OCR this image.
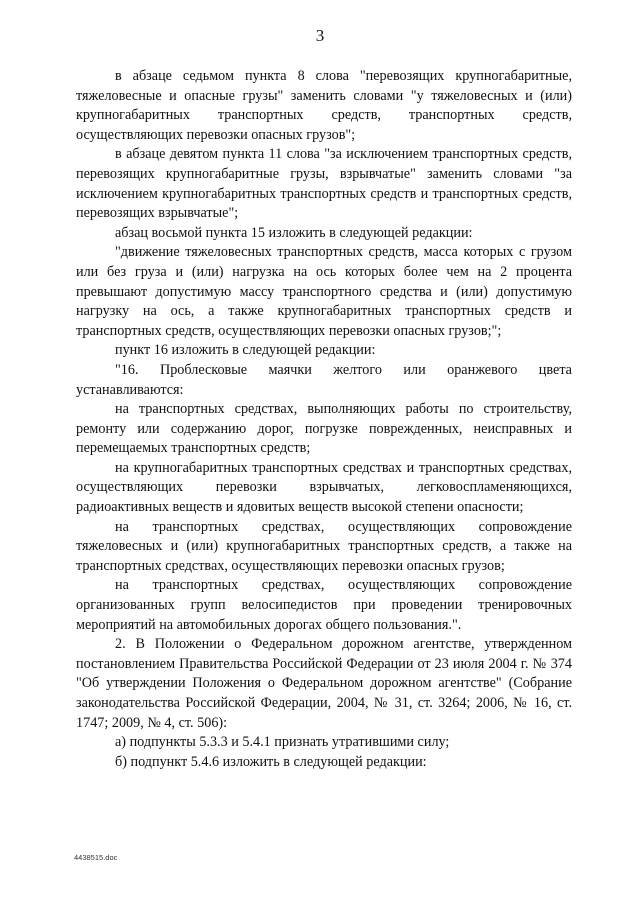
3

в абзаце седьмом пункта 8 слова "перевозящих крупногабаритные, тяжеловесные и опасные грузы" заменить словами "у тяжеловесных и (или) крупногабаритных транспортных средств, транспортных средств, осуществляющих перевозки опасных грузов";

в абзаце девятом пункта 11 слова "за исключением транспортных средств, перевозящих крупногабаритные грузы, взрывчатые" заменить словами "за исключением крупногабаритных транспортных средств и транспортных средств, перевозящих взрывчатые";

абзац восьмой пункта 15 изложить в следующей редакции:

"движение тяжеловесных транспортных средств, масса которых с грузом или без груза и (или) нагрузка на ось которых более чем на 2 процента превышают допустимую массу транспортного средства и (или) допустимую нагрузку на ось, а также крупногабаритных транспортных средств и транспортных средств, осуществляющих перевозки опасных грузов;";

пункт 16 изложить в следующей редакции:

"16. Проблесковые маячки желтого или оранжевого цвета устанавливаются:

на транспортных средствах, выполняющих работы по строительству, ремонту или содержанию дорог, погрузке поврежденных, неисправных и перемещаемых транспортных средств;

на крупногабаритных транспортных средствах и транспортных средствах, осуществляющих перевозки взрывчатых, легковоспламеняющихся, радиоактивных веществ и ядовитых веществ высокой степени опасности;

на транспортных средствах, осуществляющих сопровождение тяжеловесных и (или) крупногабаритных транспортных средств, а также на транспортных средствах, осуществляющих перевозки опасных грузов;

на транспортных средствах, осуществляющих сопровождение организованных групп велосипедистов при проведении тренировочных мероприятий на автомобильных дорогах общего пользования.".

2. В Положении о Федеральном дорожном агентстве, утвержденном постановлением Правительства Российской Федерации от 23 июля 2004 г. № 374 "Об утверждении Положения о Федеральном дорожном агентстве" (Собрание законодательства Российской Федерации, 2004, № 31, ст. 3264; 2006, № 16, ст. 1747; 2009, № 4, ст. 506):

а) подпункты 5.3.3 и 5.4.1 признать утратившими силу;

б) подпункт 5.4.6 изложить в следующей редакции:

4438515.doc
